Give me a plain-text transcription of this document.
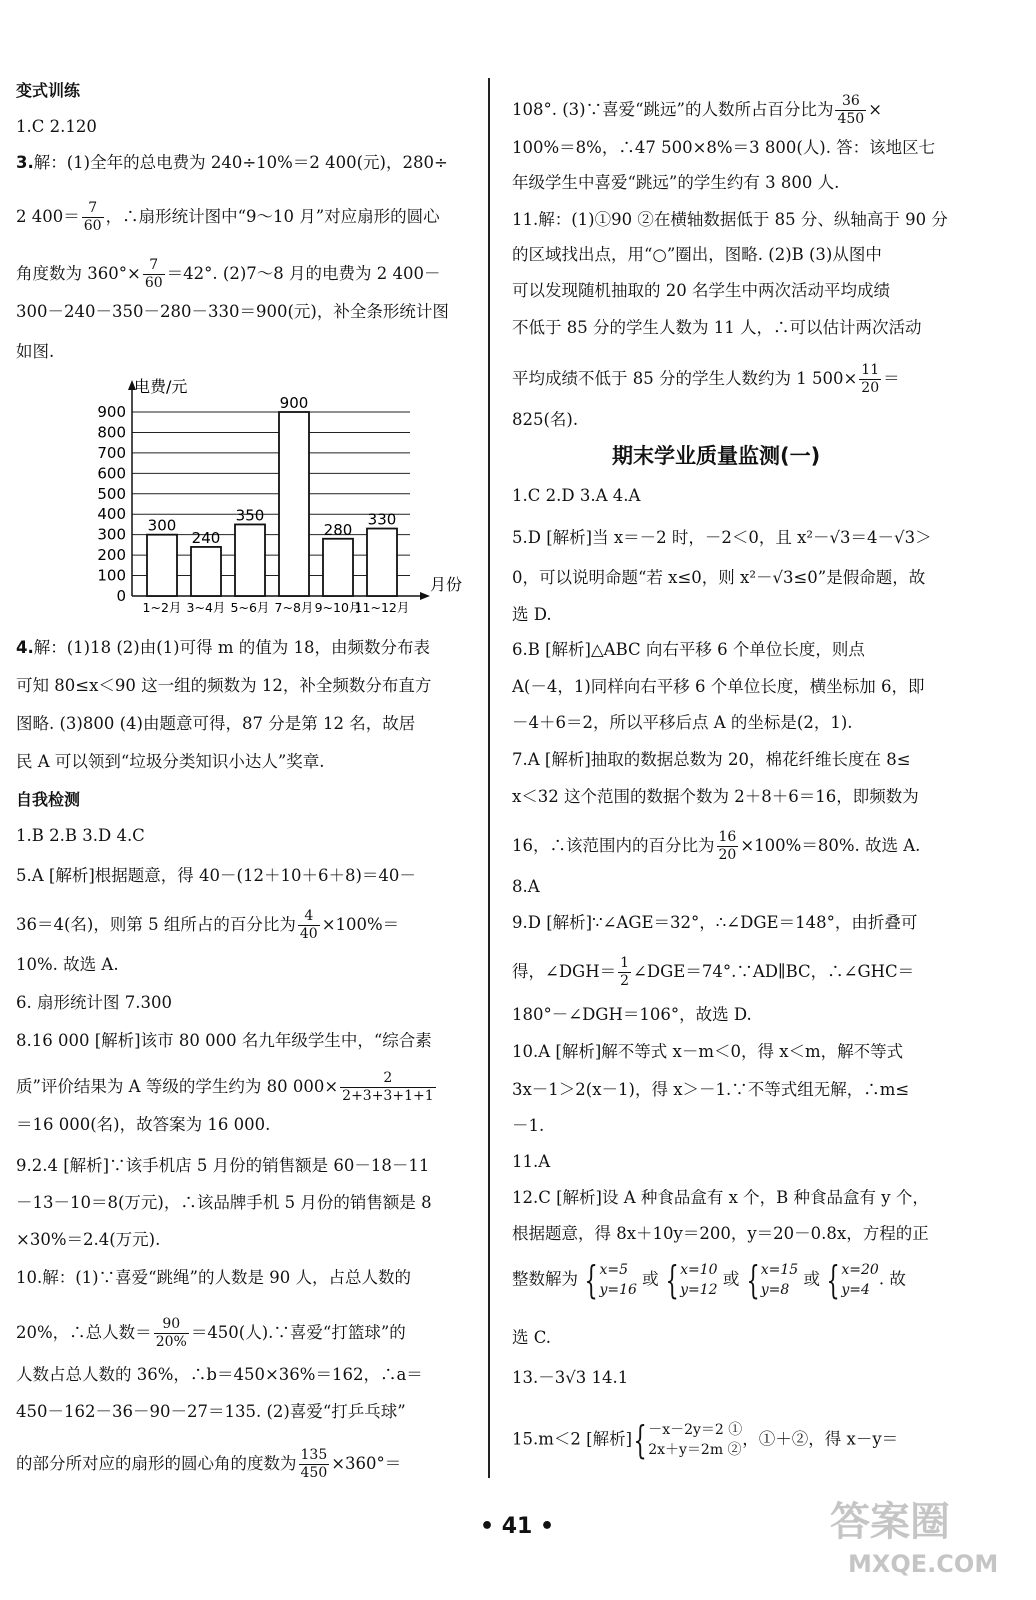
变式训练
1.C 2.120
3.解：(1)全年的总电费为 240÷10%＝2 400(元)，280÷
2 $400= \frac{7}{60}$ ，∴扇形统计图中“9～10 月”对应扇形的圆心
角度数为 $360^\circ\times \frac{7}{60} =42^\circ$. (2)7～8 月的电费为 2 400－
300－240－350－280－330＝900(元)，补全条形统计图
如图.
0
100
200
300
400
500
600
700
800
900
电费/元
月份
300
1~2月
240
3~4月
350
5~6月
900
7~8月
280
9~10月
330
11~12月
4.解：(1)18 (2)由(1)可得 m 的值为 18，由频数分布表
可知 80≤x＜90 这一组的频数为 12，补全频数分布直方
图略. (3)800 (4)由题意可得，87 分是第 12 名，故居
民 A 可以领到“垃圾分类知识小达人”奖章.
自我检测
1.B 2.B 3.D 4.C
5.A [解析]根据题意，得 40－(12＋10＋6＋8)＝40－
36＝4(名)，则第 5 组所占的百分比为 $\frac{4}{40} \times 100\%=$
10%. 故选 A.
6. 扇形统计图 7.300
8.16 000 [解析]该市 80 000 名九年级学生中，“综合素
质”评价结果为 A 等级的学生约为 80 $000\times \frac{2}{2+3+3+1+1}$
＝16 000(名)，故答案为 16 000.
9.2.4 [解析]∵该手机店 5 月份的销售额是 60－18－11
－13－10＝8(万元)，∴该品牌手机 5 月份的销售额是 8
×30%＝2.4(万元).
10.解：(1)∵喜爱“跳绳”的人数是 90 人，占总人数的
20%，∴总人数＝ $\frac{90}{20\%} =450$(人).∵喜爱“打篮球”的
人数占总人数的 36%，∴b＝450×36%＝162，∴a＝
450－162－36－90－27＝135. (2)喜爱“打乒乓球”
的部分所对应的扇形的圆心角的度数为 $\frac{135}{450} \times 360^\circ=$
108°. (3)∵喜爱“跳远”的人数所占百分比为 $\frac{36}{450}$ ×
100%＝8%，∴47 500×8%＝3 800(人). 答：该地区七
年级学生中喜爱“跳远”的学生约有 3 800 人.
11.解：(1)①90 ②在横轴数据低于 85 分、纵轴高于 90 分
的区域找出点，用“○”圈出，图略. (2)B (3)从图中
可以发现随机抽取的 20 名学生中两次活动平均成绩
不低于 85 分的学生人数为 11 人，∴可以估计两次活动
平均成绩不低于 85 分的学生人数约为 1 $500\times \frac{11}{20}$ ＝
825(名).
期末学业质量监测(一)
1.C 2.D 3.A 4.A
5.D [解析]当 x＝－2 时，－2＜0，且 x²－√3＝4－√3＞
0，可以说明命题“若 x≤0，则 x²－√3≤0”是假命题，故
选 D.
6.B [解析]△ABC 向右平移 6 个单位长度，则点
A(－4，1)同样向右平移 6 个单位长度，横坐标加 6，即
－4＋6＝2，所以平移后点 A 的坐标是(2，1).
7.A [解析]抽取的数据总数为 20，棉花纤维长度在 8≤
x＜32 这个范围的数据个数为 2＋8＋6＝16，即频数为
16，∴该范围内的百分比为 $\frac{16}{20} \times 100\%=80\%$. 故选 A.
8.A
9.D [解析]∵∠AGE＝32°，∴∠DGE＝148°，由折叠可
得，∠DGH＝ $\frac{1}{2}$ ∠DGE＝74°.∵AD∥BC，∴∠GHC＝
180°－∠DGH＝106°，故选 D.
10.A [解析]解不等式 x－m＜0，得 x＜m，解不等式
3x－1＞2(x－1)，得 x＞－1.∵不等式组无解，∴m≤
－1.
11.A
12.C [解析]设 A 种食品盒有 x 个，B 种食品盒有 y 个，
根据题意，得 8x＋10y＝200，y＝20－0.8x，方程的正
整数解为 {x=5
y=16 或 {x=10
y=12 或 {x=15
y=8 或 {x=20
y=4. 故
选 C.
13.－3√3 14.1
15.m＜2 [解析]{－x－2y＝2 ①
2x＋y＝2m ②，①＋②，得 x－y＝
• 41 •	答案圈
MXQE.COM
